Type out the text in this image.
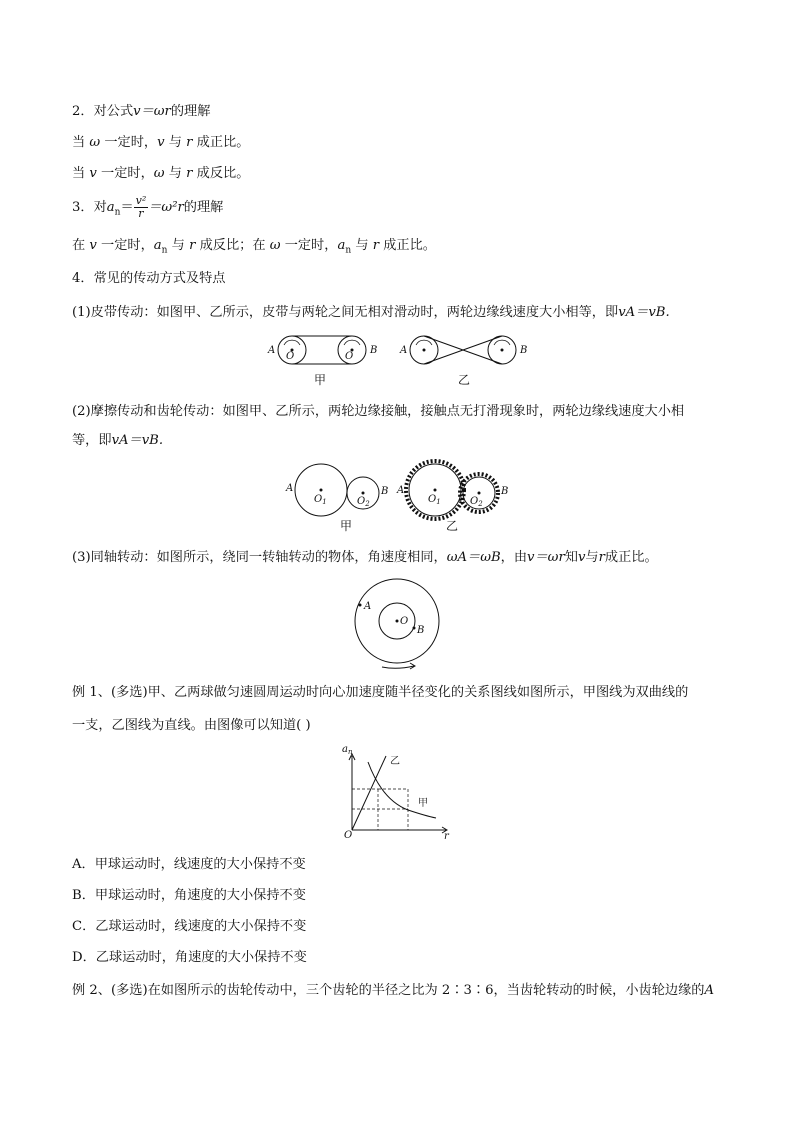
2．对公式v＝ωr的理解
当 ω 一定时，v 与 r 成正比。
当 v 一定时，ω 与 r 成反比。
3．对$a_n= \frac{\text{v²}}{r} =\omega^2r$的理解
在 v 一定时，$a_n$ 与 r 成反比；在 ω 一定时，$a_n$ 与 r 成正比。
4．常见的传动方式及特点
(1)皮带传动：如图甲、乙所示，皮带与两轮之间无相对滑动时，两轮边缘线速度大小相等，即vA＝vB.
A	B
O	O
甲
A	B
乙
(2)摩擦传动和齿轮传动：如图甲、乙所示，两轮边缘接触，接触点无打滑现象时，两轮边缘线速度大小相
等，即vA＝vB.
A	B
$O_1$	$O_2$
甲
A	B
$O_1$	$O_2$
乙
(3)同轴转动：如图所示，绕同一转轴转动的物体，角速度相同，ωA＝ωB，由v＝ωr知v与r成正比。
A
O
B
例 1、(多选)甲、乙两球做匀速圆周运动时向心加速度随半径变化的关系图线如图所示，甲图线为双曲线的
一支，乙图线为直线。由图像可以知道( )
$a_n$
r
O
乙
甲
A．甲球运动时，线速度的大小保持不变
B．甲球运动时，角速度的大小保持不变
C．乙球运动时，线速度的大小保持不变
D．乙球运动时，角速度的大小保持不变
例 2、(多选)在如图所示的齿轮传动中，三个齿轮的半径之比为 2∶3∶6，当齿轮转动的时候，小齿轮边缘的A
